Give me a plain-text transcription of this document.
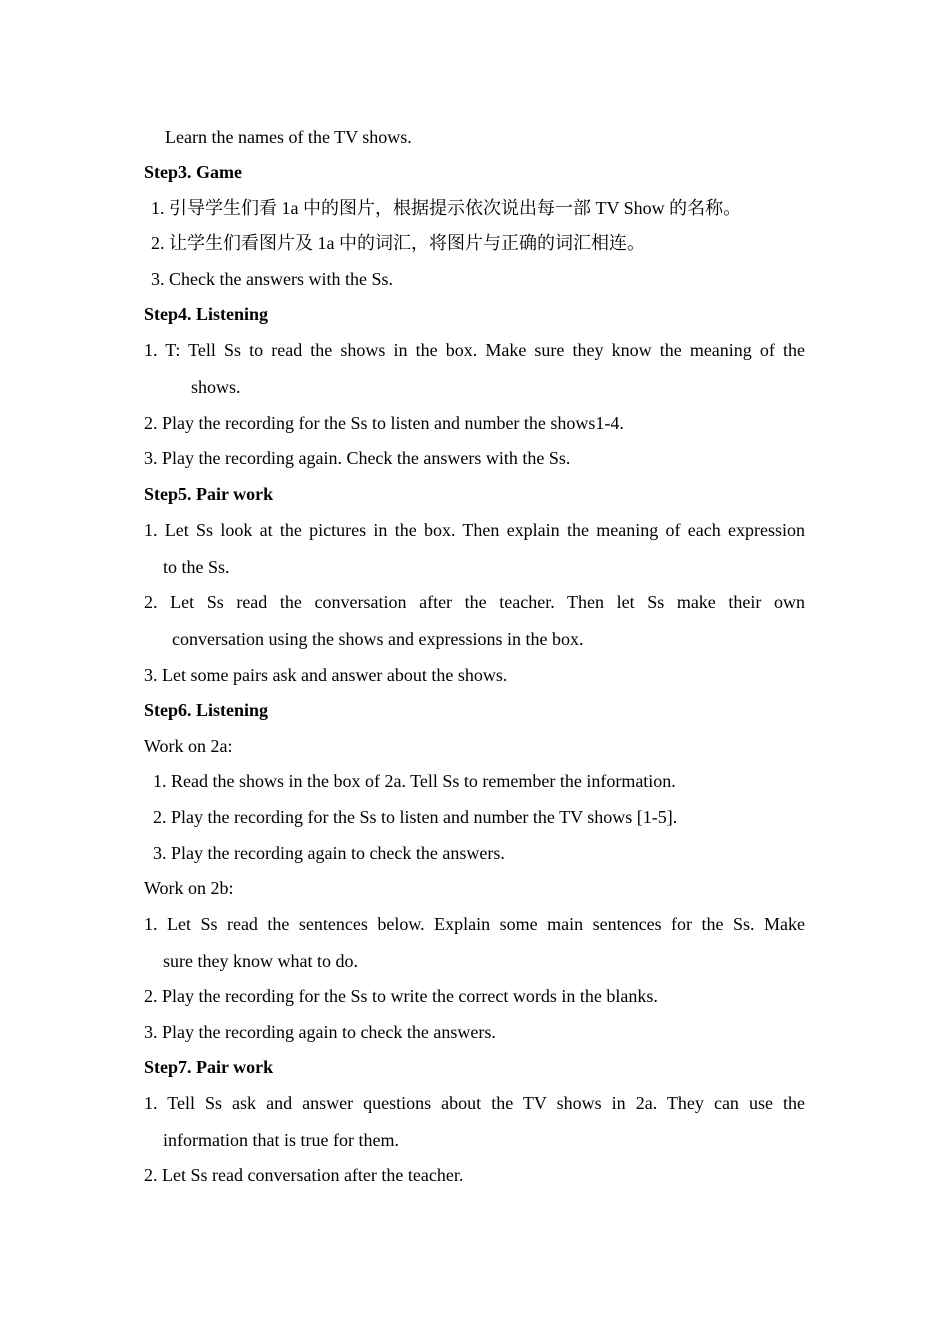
Learn the names of the TV shows.
Step3. Game
1. 引导学生们看 1a 中的图片，根据提示依次说出每一部 TV Show 的名称。
2. 让学生们看图片及 1a 中的词汇，将图片与正确的词汇相连。
3. Check the answers with the Ss.
Step4. Listening
1. T: Tell Ss to read the shows in the box. Make sure they know the meaning of the
shows.
2. Play the recording for the Ss to listen and number the shows1-4.
3. Play the recording again. Check the answers with the Ss.
Step5. Pair work
1. Let Ss look at the pictures in the box. Then explain the meaning of each expression
to the Ss.
2. Let Ss read the conversation after the teacher. Then let Ss make their own
conversation using the shows and expressions in the box.
3. Let some pairs ask and answer about the shows.
Step6. Listening
Work on 2a:
1. Read the shows in the box of 2a. Tell Ss to remember the information.
2. Play the recording for the Ss to listen and number the TV shows [1-5].
3. Play the recording again to check the answers.
Work on 2b:
1. Let Ss read the sentences below. Explain some main sentences for the Ss. Make
sure they know what to do.
2. Play the recording for the Ss to write the correct words in the blanks.
3. Play the recording again to check the answers.
Step7. Pair work
1. Tell Ss ask and answer questions about the TV shows in 2a. They can use the
information that is true for them.
2. Let Ss read conversation after the teacher.
